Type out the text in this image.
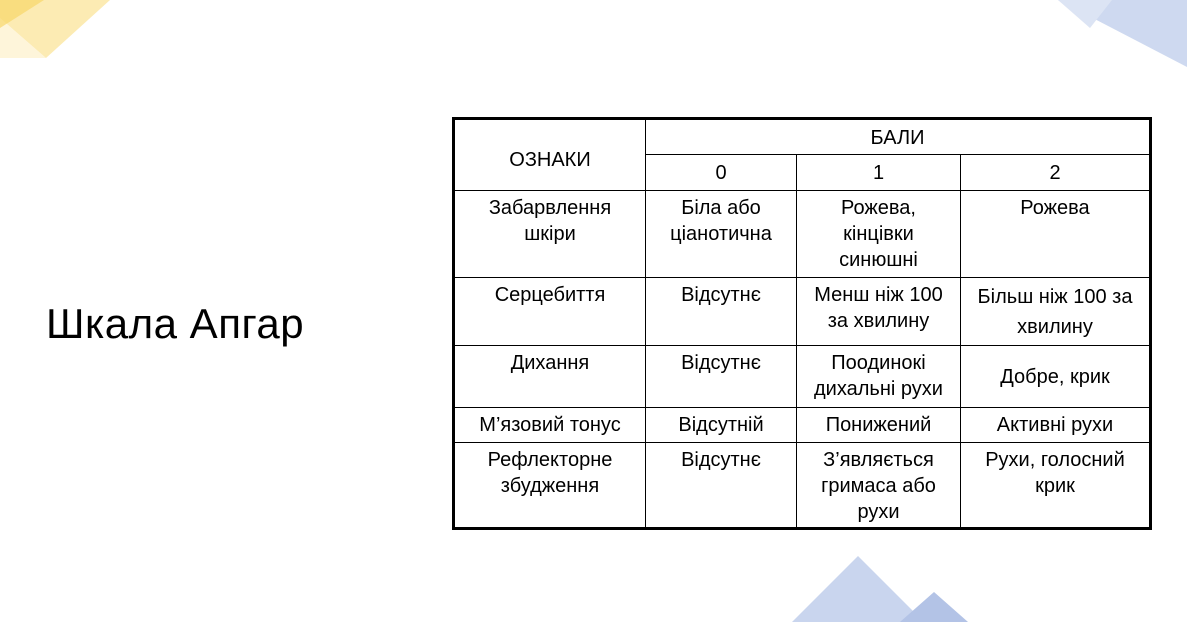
Шкала Апгар
ОЗНАКИ	БАЛИ		
	0	1	2
Забарвлення шкіри	Біла або ціанотична	Рожева, кінцівки синюшні	Рожева
Серцебиття	Відсутнє	Менш ніж 100 за хвилину	Більш ніж 100 за хвилину
Дихання	Відсутнє	Поодинокі дихальні рухи	Добре, крик
М’язовий тонус	Відсутній	Понижений	Активні рухи
Рефлекторне збудження	Відсутнє	З’являється гримаса або рухи	Рухи, голосний крик
